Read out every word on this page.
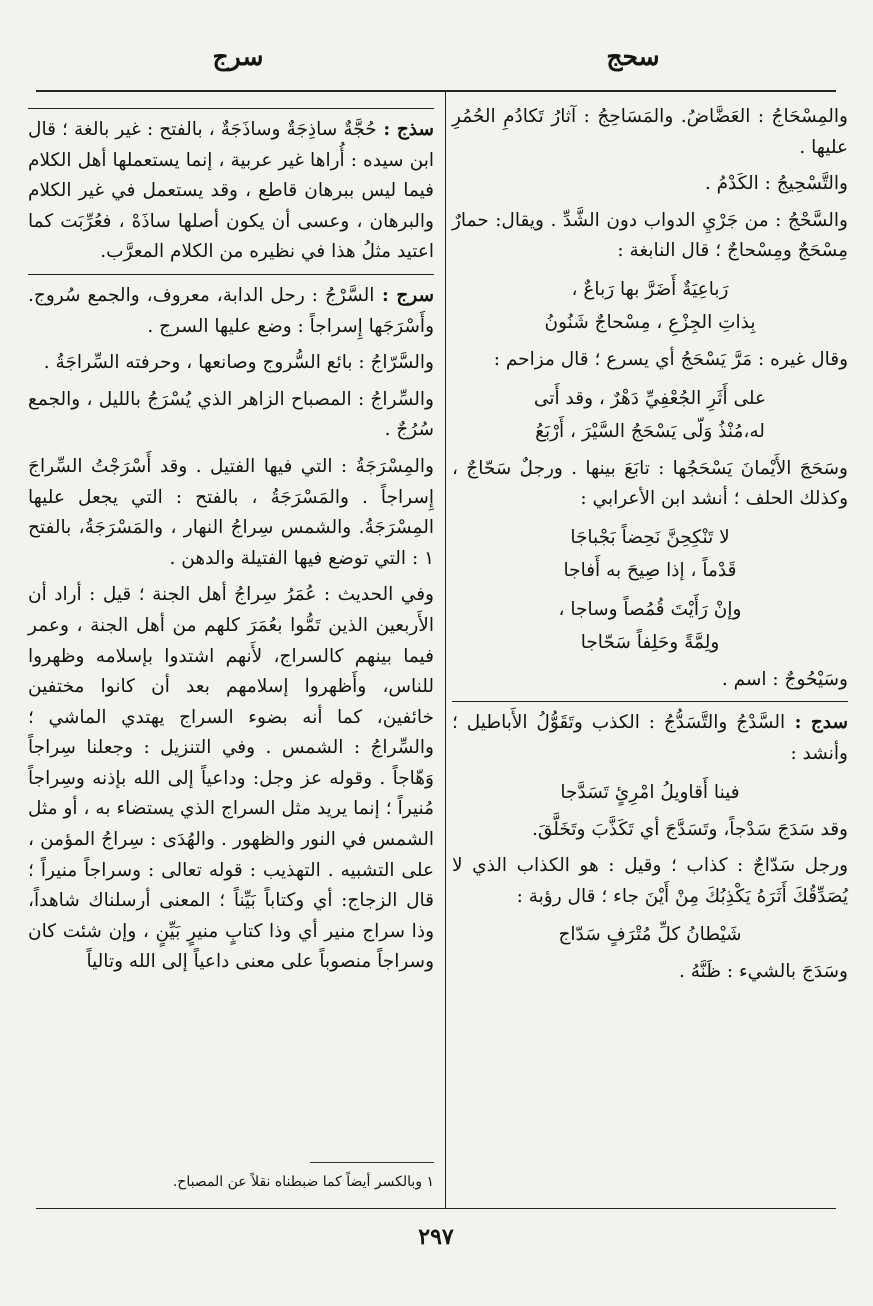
سحج
سرج
والمِسْحَاجُ : العَضَّاضُ. والمَسَاحِجُ : آثارُ تَكادُمِ الحُمُرِ عليها .
والتَّسْحِيجُ : الكَدْمُ .
والسَّحْجُ : من جَرْيِ الدواب دون الشَّدِّ . ويقال: حمارٌ مِسْحَجٌ ومِسْحاجٌ ؛ قال النابغة :
رَباعِيَةٌ أَضَرَّ بها رَباعٌ ،
بِذاتِ الجِزْعِ ، مِسْحاجٌ شَنُونُ
وقال غيره : مَرَّ يَسْحَجُ أي يسرع ؛ قال مزاحم :
على أَثَرِ الجُعْفِيِّ دَهْرٌ ، وقد أَتى
له،مُنْذُ وَلّى يَسْحَجُ السَّيْرَ ، أَرْبَعُ
وسَحَجَ الأَيْمانَ يَسْحَجُها : تابَعَ بينها . ورجلٌ سَحّاجٌ ، وكذلك الحلف ؛ أنشد ابن الأعرابي :
لا تَنْكِحِنَّ نَحِضاً بَجْباجَا
قَدْماً ، إذا صِيحَ به أَفاجا
وإنْ رَأَيْتَ قُمُصاً وساجا ،
ولِمَّةً وحَلِفاً سَحّاجا
وسَيْحُوجٌ : اسم .
سدج : السَّدْجُ والتَّسَدُّجُ : الكذب وتَقَوُّلُ الأَباطيل ؛ وأنشد :
فينا أَقاويلُ امْرِئٍ تَسَدَّجا
وقد سَدَجَ سَدْجاً، وتَسَدَّجَ أي تَكَذَّبَ وتَخَلَّقَ.
ورجل سَدّاجٌ : كذاب ؛ وقيل : هو الكذاب الذي لا يُصَدِّقُكَ أَثَرَهُ يَكْذِبُكَ مِنْ أَيْنَ جاء ؛ قال رؤبة :
شَيْطانُ كلِّ مُتْرَفٍ سَدّاج
وسَدَجَ بالشيء : ظَنَّهُ .
سذج : حُجَّةٌ ساذِجَةٌ وساذَجَةٌ ، بالفتح : غير بالغة ؛ قال ابن سيده : أُراها غير عربية ، إنما يستعملها أهل الكلام فيما ليس ببرهان قاطع ، وقد يستعمل في غير الكلام والبرهان ، وعسى أن يكون أصلها ساذَهْ ، فعُرِّبَت كما اعتيد مثلُ هذا في نظيره من الكلام المعرَّب.
سرج : السَّرْجُ : رحل الدابة، معروف، والجمع سُروج. وأَسْرَجَها إِسراجاً : وضع عليها السرج .
والسَّرّاجُ : بائع السُّروج وصانعها ، وحرفته السِّراجَةُ .
والسِّراجُ : المصباح الزاهر الذي يُسْرَجُ بالليل ، والجمع سُرُجٌ .
والمِسْرَجَةُ : التي فيها الفتيل . وقد أَسْرَجْتُ السِّراجَ إِسراجاً . والمَسْرَجَةُ ، بالفتح : التي يجعل عليها المِسْرَجَةُ. والشمس سِراجُ النهار ، والمَسْرَجَةُ، بالفتح ١ : التي توضع فيها الفتيلة والدهن .
وفي الحديث : عُمَرُ سِراجُ أهل الجنة ؛ قيل : أراد أن الأَربعين الذين تَمُّوا بعُمَرَ كلهم من أهل الجنة ، وعمر فيما بينهم كالسراج، لأَنهم اشتدوا بإسلامه وظهروا للناس، وأَظهروا إسلامهم بعد أن كانوا مختفين خائفين، كما أنه بضوء السراج يهتدي الماشي ؛ والسِّراجُ : الشمس . وفي التنزيل : وجعلنا سِراجاً وَهّاجاً . وقوله عز وجل: وداعياً إلى الله بإذنه وسِراجاً مُنيراً ؛ إنما يريد مثل السراج الذي يستضاء به ، أو مثل الشمس في النور والظهور . والهُدَى : سِراجُ المؤمن ، على التشبيه . التهذيب : قوله تعالى : وسراجاً منيراً ؛ قال الزجاج: أي وكتاباً بَيِّناً ؛ المعنى أرسلناك شاهداً، وذا سراج منير أي وذا كتابٍ منيرٍ بَيِّنٍ ، وإن شئت كان وسراجاً منصوباً على معنى داعياً إلى الله وتالياً
١ وبالكسر أيضاً كما ضبطناه نقلاً عن المصباح.
٢٩٧
